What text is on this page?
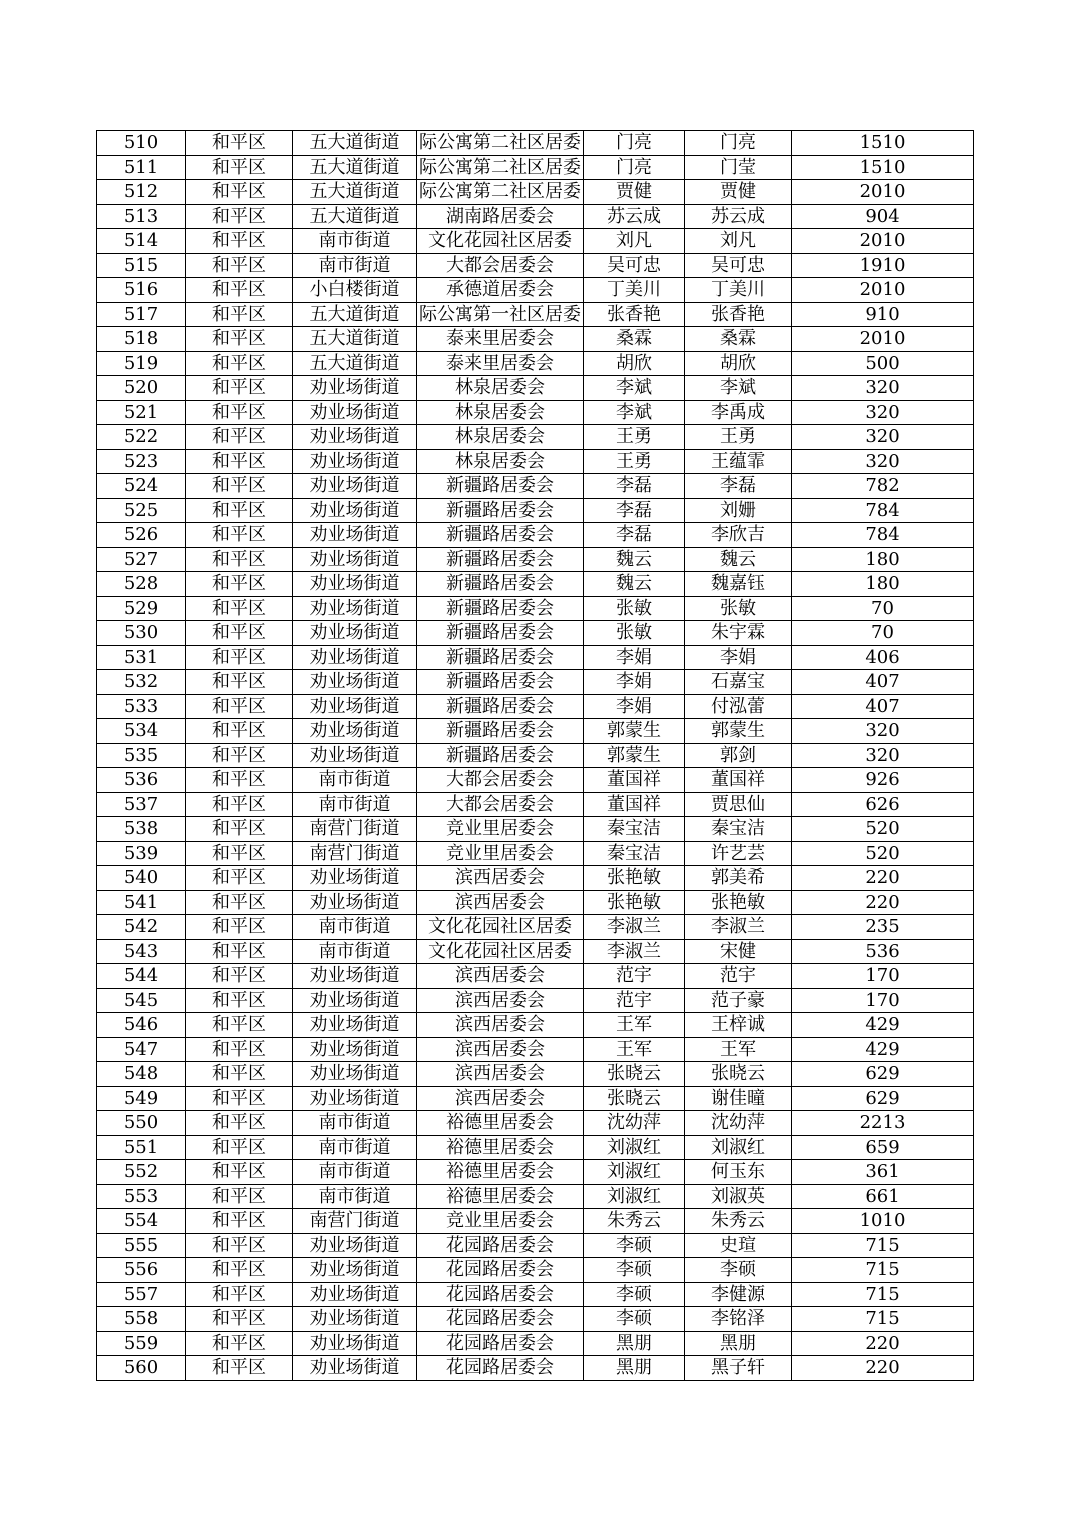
510	和平区	五大道街道	际公寓第二社区居委	门亮	门亮	1510
511	和平区	五大道街道	际公寓第二社区居委	门亮	门莹	1510
512	和平区	五大道街道	际公寓第二社区居委	贾健	贾健	2010
513	和平区	五大道街道	湖南路居委会	苏云成	苏云成	904
514	和平区	南市街道	文化花园社区居委	刘凡	刘凡	2010
515	和平区	南市街道	大都会居委会	吴可忠	吴可忠	1910
516	和平区	小白楼街道	承德道居委会	丁美川	丁美川	2010
517	和平区	五大道街道	际公寓第一社区居委	张香艳	张香艳	910
518	和平区	五大道街道	泰来里居委会	桑霖	桑霖	2010
519	和平区	五大道街道	泰来里居委会	胡欣	胡欣	500
520	和平区	劝业场街道	林泉居委会	李斌	李斌	320
521	和平区	劝业场街道	林泉居委会	李斌	李禹成	320
522	和平区	劝业场街道	林泉居委会	王勇	王勇	320
523	和平区	劝业场街道	林泉居委会	王勇	王蕴霏	320
524	和平区	劝业场街道	新疆路居委会	李磊	李磊	782
525	和平区	劝业场街道	新疆路居委会	李磊	刘姗	784
526	和平区	劝业场街道	新疆路居委会	李磊	李欣吉	784
527	和平区	劝业场街道	新疆路居委会	魏云	魏云	180
528	和平区	劝业场街道	新疆路居委会	魏云	魏嘉钰	180
529	和平区	劝业场街道	新疆路居委会	张敏	张敏	70
530	和平区	劝业场街道	新疆路居委会	张敏	朱宇霖	70
531	和平区	劝业场街道	新疆路居委会	李娟	李娟	406
532	和平区	劝业场街道	新疆路居委会	李娟	石嘉宝	407
533	和平区	劝业场街道	新疆路居委会	李娟	付泓蕾	407
534	和平区	劝业场街道	新疆路居委会	郭蒙生	郭蒙生	320
535	和平区	劝业场街道	新疆路居委会	郭蒙生	郭剑	320
536	和平区	南市街道	大都会居委会	董国祥	董国祥	926
537	和平区	南市街道	大都会居委会	董国祥	贾思仙	626
538	和平区	南营门街道	竞业里居委会	秦宝洁	秦宝洁	520
539	和平区	南营门街道	竞业里居委会	秦宝洁	许艺芸	520
540	和平区	劝业场街道	滨西居委会	张艳敏	郭美希	220
541	和平区	劝业场街道	滨西居委会	张艳敏	张艳敏	220
542	和平区	南市街道	文化花园社区居委	李淑兰	李淑兰	235
543	和平区	南市街道	文化花园社区居委	李淑兰	宋健	536
544	和平区	劝业场街道	滨西居委会	范宇	范宇	170
545	和平区	劝业场街道	滨西居委会	范宇	范子豪	170
546	和平区	劝业场街道	滨西居委会	王军	王梓诚	429
547	和平区	劝业场街道	滨西居委会	王军	王军	429
548	和平区	劝业场街道	滨西居委会	张晓云	张晓云	629
549	和平区	劝业场街道	滨西居委会	张晓云	谢佳曈	629
550	和平区	南市街道	裕德里居委会	沈幼萍	沈幼萍	2213
551	和平区	南市街道	裕德里居委会	刘淑红	刘淑红	659
552	和平区	南市街道	裕德里居委会	刘淑红	何玉东	361
553	和平区	南市街道	裕德里居委会	刘淑红	刘淑英	661
554	和平区	南营门街道	竞业里居委会	朱秀云	朱秀云	1010
555	和平区	劝业场街道	花园路居委会	李硕	史瑄	715
556	和平区	劝业场街道	花园路居委会	李硕	李硕	715
557	和平区	劝业场街道	花园路居委会	李硕	李健源	715
558	和平区	劝业场街道	花园路居委会	李硕	李铭泽	715
559	和平区	劝业场街道	花园路居委会	黑朋	黑朋	220
560	和平区	劝业场街道	花园路居委会	黑朋	黑子轩	220
